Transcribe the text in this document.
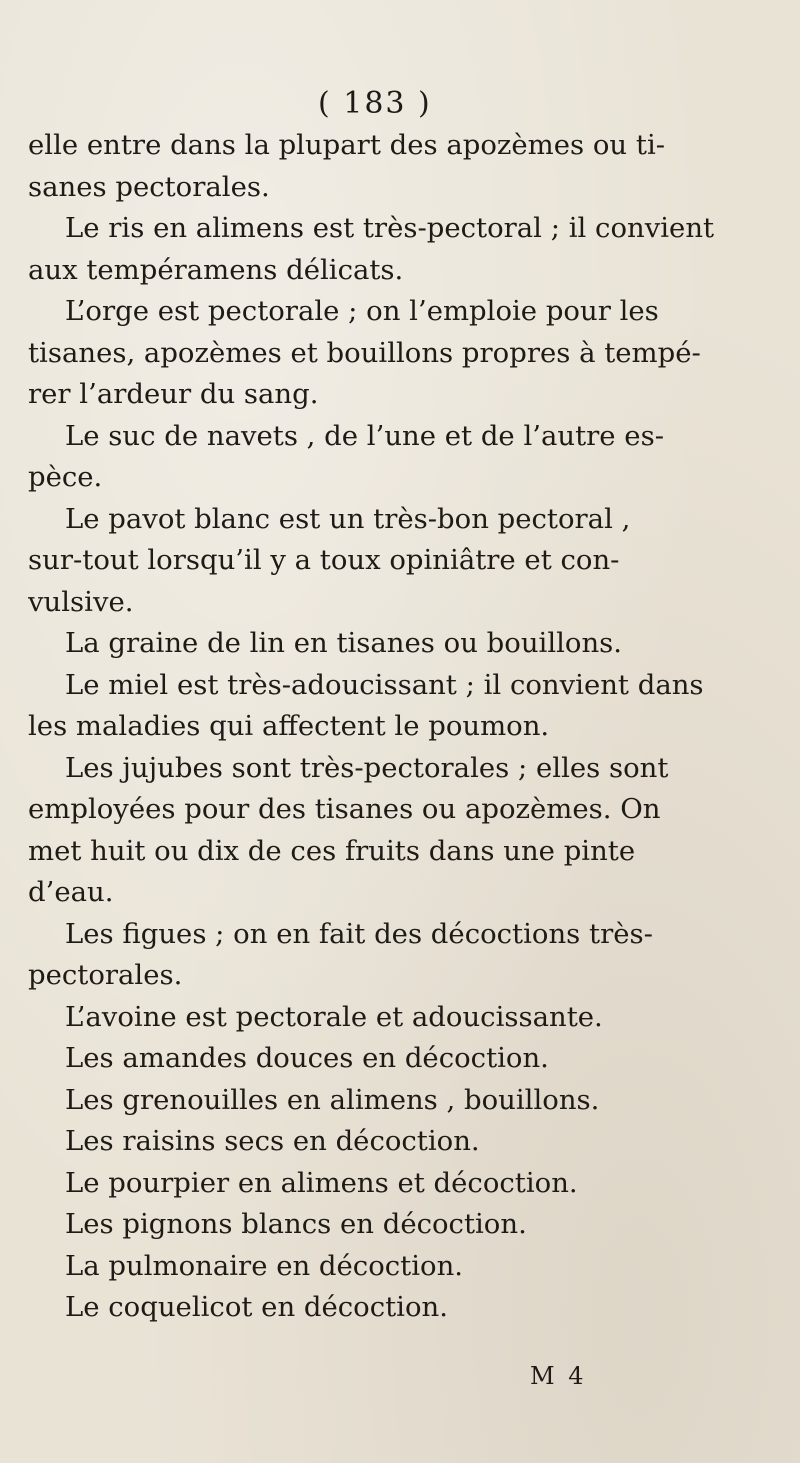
( 183 )
elle entre dans la plupart des apozèmes ou ti-
sanes pectorales.
Le ris en alimens est très-pectoral ; il convient
aux tempéramens délicats.
L’orge est pectorale ; on l’emploie pour les
tisanes, apozèmes et bouillons propres à tempé-
rer l’ardeur du sang.
Le suc de navets , de l’une et de l’autre es-
pèce.
Le pavot blanc est un très-bon pectoral ,
sur-tout lorsqu’il y a toux opiniâtre et con-
vulsive.
La graine de lin en tisanes ou bouillons.
Le miel est très-adoucissant ; il convient dans
les maladies qui affectent le poumon.
Les jujubes sont très-pectorales ; elles sont
employées pour des tisanes ou apozèmes. On
met huit ou dix de ces fruits dans une pinte
d’eau.
Les figues ; on en fait des décoctions très-
pectorales.
L’avoine est pectorale et adoucissante.
Les amandes douces en décoction.
Les grenouilles en alimens , bouillons.
Les raisins secs en décoction.
Le pourpier en alimens et décoction.
Les pignons blancs en décoction.
La pulmonaire en décoction.
Le coquelicot en décoction.
M 4
